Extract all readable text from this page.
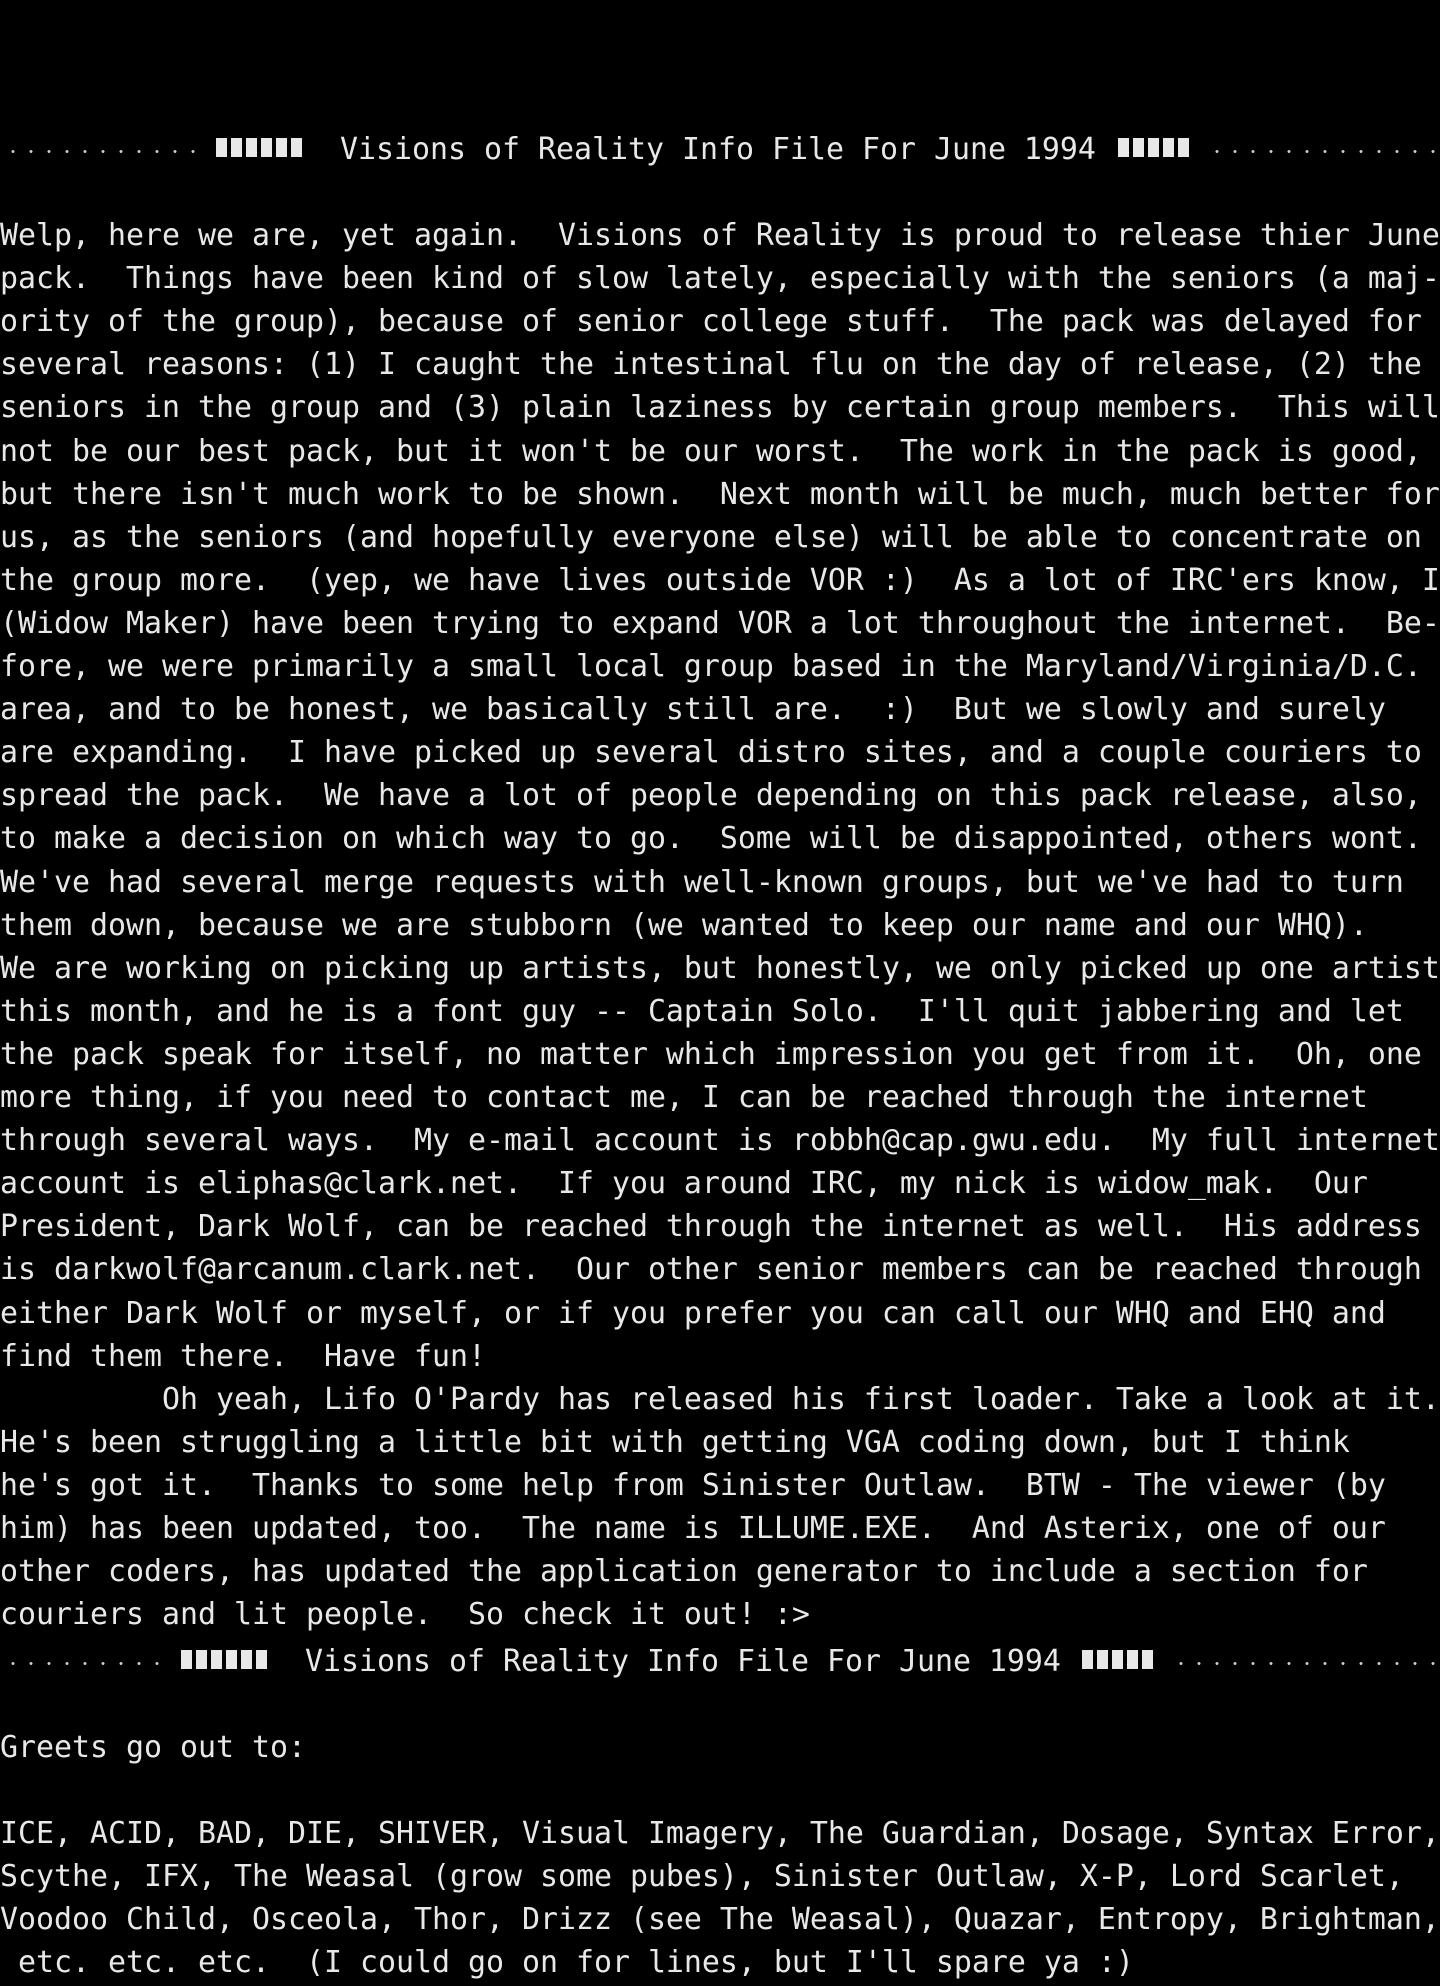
Visions of Reality Info File For June 1994

Welp, here we are, yet again.  Visions of Reality is proud to release thier June
pack.  Things have been kind of slow lately, especially with the seniors (a maj-
ority of the group), because of senior college stuff.  The pack was delayed for
several reasons: (1) I caught the intestinal flu on the day of release, (2) the
seniors in the group and (3) plain laziness by certain group members.  This will
not be our best pack, but it won't be our worst.  The work in the pack is good,
but there isn't much work to be shown.  Next month will be much, much better for
us, as the seniors (and hopefully everyone else) will be able to concentrate on
the group more.  (yep, we have lives outside VOR :)  As a lot of IRC'ers know, I
(Widow Maker) have been trying to expand VOR a lot throughout the internet.  Be-
fore, we were primarily a small local group based in the Maryland/Virginia/D.C.
area, and to be honest, we basically still are.  :)  But we slowly and surely
are expanding.  I have picked up several distro sites, and a couple couriers to
spread the pack.  We have a lot of people depending on this pack release, also,
to make a decision on which way to go.  Some will be disappointed, others wont.
We've had several merge requests with well-known groups, but we've had to turn
them down, because we are stubborn (we wanted to keep our name and our WHQ).
We are working on picking up artists, but honestly, we only picked up one artist
this month, and he is a font guy -- Captain Solo.  I'll quit jabbering and let
the pack speak for itself, no matter which impression you get from it.  Oh, one
more thing, if you need to contact me, I can be reached through the internet
through several ways.  My e-mail account is robbh@cap.gwu.edu.  My full internet
account is eliphas@clark.net.  If you around IRC, my nick is widow_mak.  Our
President, Dark Wolf, can be reached through the internet as well.  His address
is darkwolf@arcanum.clark.net.  Our other senior members can be reached through
either Dark Wolf or myself, or if you prefer you can call our WHQ and EHQ and
find them there.  Have fun!
Oh yeah, Lifo O'Pardy has released his first loader. Take a look at it.
He's been struggling a little bit with getting VGA coding down, but I think
he's got it.  Thanks to some help from Sinister Outlaw.  BTW - The viewer (by
him) has been updated, too.  The name is ILLUME.EXE.  And Asterix, one of our
other coders, has updated the application generator to include a section for
couriers and lit people.  So check it out! :>

Visions of Reality Info File For June 1994

Greets go out to:
ICE, ACID, BAD, DIE, SHIVER, Visual Imagery, The Guardian, Dosage, Syntax Error,
Scythe, IFX, The Weasal (grow some pubes), Sinister Outlaw, X-P, Lord Scarlet,
Voodoo Child, Osceola, Thor, Drizz (see The Weasal), Quazar, Entropy, Brightman,
etc. etc. etc.  (I could go on for lines, but I'll spare ya :)
